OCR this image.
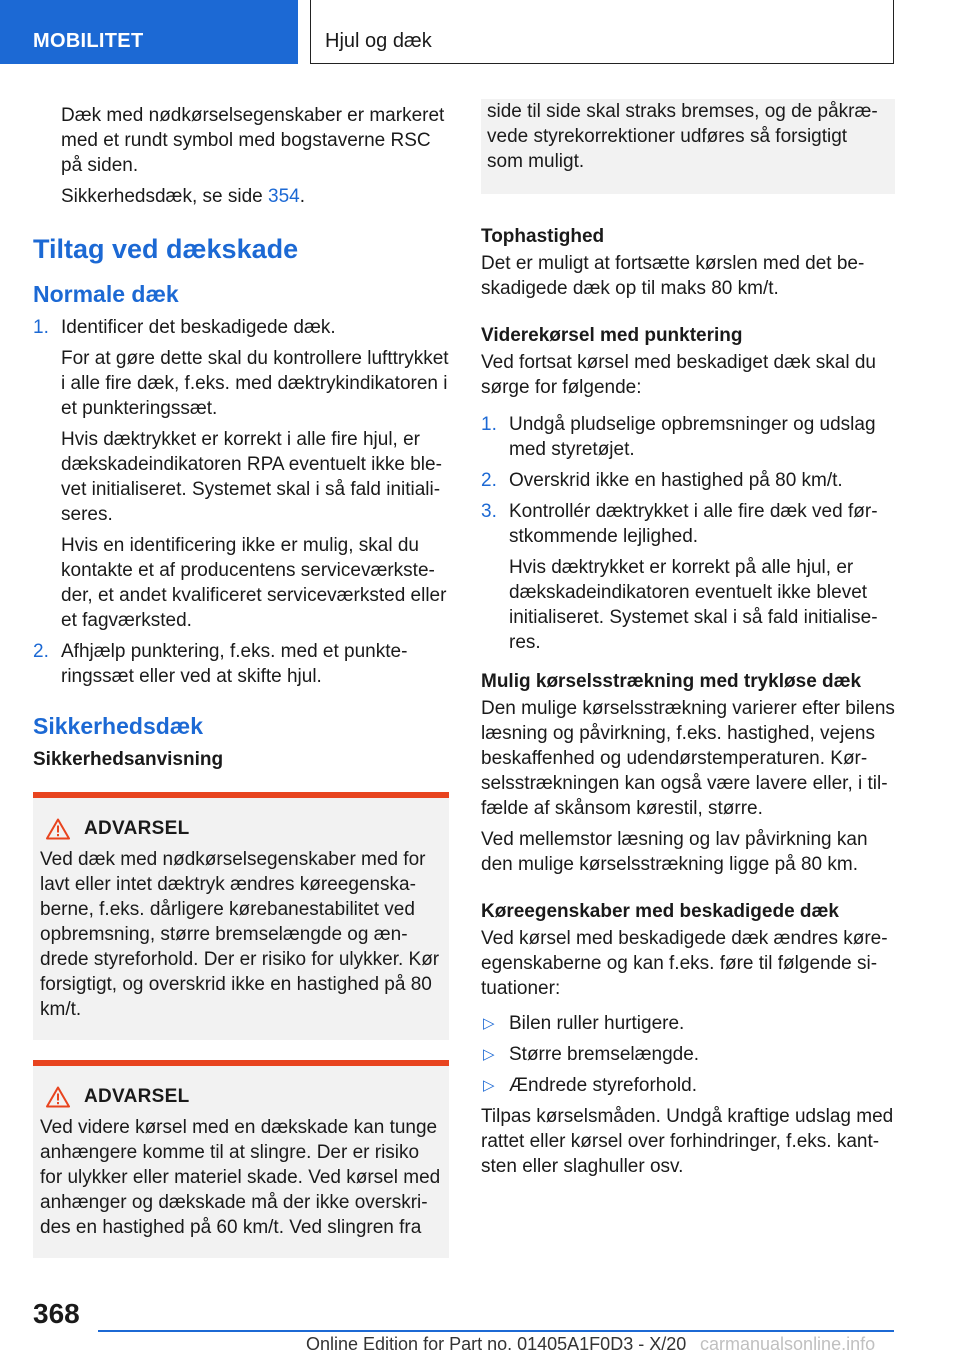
MOBILITET	Hjul og dæk

Dæk med nødkørselsegenskaber er markeret med et rundt symbol med bogstaverne RSC på siden.

Sikkerhedsdæk, se side 354.

Tiltag ved dækskade
Normale dæk
1. Identificer det beskadigede dæk.
For at gøre dette skal du kontrollere lufttrykket i alle fire dæk, f.eks. med dæktrykindikatoren i et punkteringssæt.
Hvis dæktrykket er korrekt i alle fire hjul, er dækskadeindikatoren RPA eventuelt ikke blevet initialiseret. Systemet skal i så fald initialiseres.
Hvis en identificering ikke er mulig, skal du kontakte et af producentens serviceværksteder, et andet kvalificeret serviceværksted eller et fagværksted.
2. Afhjælp punktering, f.eks. med et punkteringssæt eller ved at skifte hjul.
Sikkerhedsdæk
Sikkerhedsanvisning
ADVARSEL
Ved dæk med nødkørselsegenskaber med for lavt eller intet dæktryk ændres køreegenskaberne, f.eks. dårligere kørebanestabilitet ved opbremsning, større bremselængde og ændrede styreforhold. Der er risiko for ulykker. Kør forsigtigt, og overskrid ikke en hastighed på 80 km/t.
ADVARSEL
Ved videre kørsel med en dækskade kan tunge anhængere komme til at slingre. Der er risiko for ulykker eller materiel skade. Ved kørsel med anhænger og dækskade må der ikke overskrides en hastighed på 60 km/t. Ved slingren fra
side til side skal straks bremses, og de påkrævede styrekorrektioner udføres så forsigtigt som muligt.
Tophastighed

Det er muligt at fortsætte kørslen med det beskadigede dæk op til maks 80 km/t.

Viderekørsel med punktering

Ved fortsat kørsel med beskadiget dæk skal du sørge for følgende:

1. Undgå pludselige opbremsninger og udslag med styretøjet.
2. Overskrid ikke en hastighed på 80 km/t.
3. Kontrollér dæktrykket i alle fire dæk ved førstkommende lejlighed.
Hvis dæktrykket er korrekt på alle hjul, er dækskadeindikatoren eventuelt ikke blevet initialiseret. Systemet skal i så fald initialiseres.
Mulig kørselsstrækning med trykløse dæk

Den mulige kørselsstrækning varierer efter bilens læsning og påvirkning, f.eks. hastighed, vejens beskaffenhed og udendørstemperaturen. Kørselsstrækningen kan også være lavere eller, i tilfælde af skånsom kørestil, større.

Ved mellemstor læsning og lav påvirkning kan den mulige kørselsstrækning ligge på 80 km.

Køreegenskaber med beskadigede dæk

Ved kørsel med beskadigede dæk ændres køreegenskaberne og kan f.eks. føre til følgende situationer:

▷ Bilen ruller hurtigere.
▷ Større bremselængde.
▷ Ændrede styreforhold.

Tilpas kørselsmåden. Undgå kraftige udslag med rattet eller kørsel over forhindringer, f.eks. kantsten eller slaghuller osv.

368
Online Edition for Part no. 01405A1F0D3 - X/20 carmanualsonline.info
